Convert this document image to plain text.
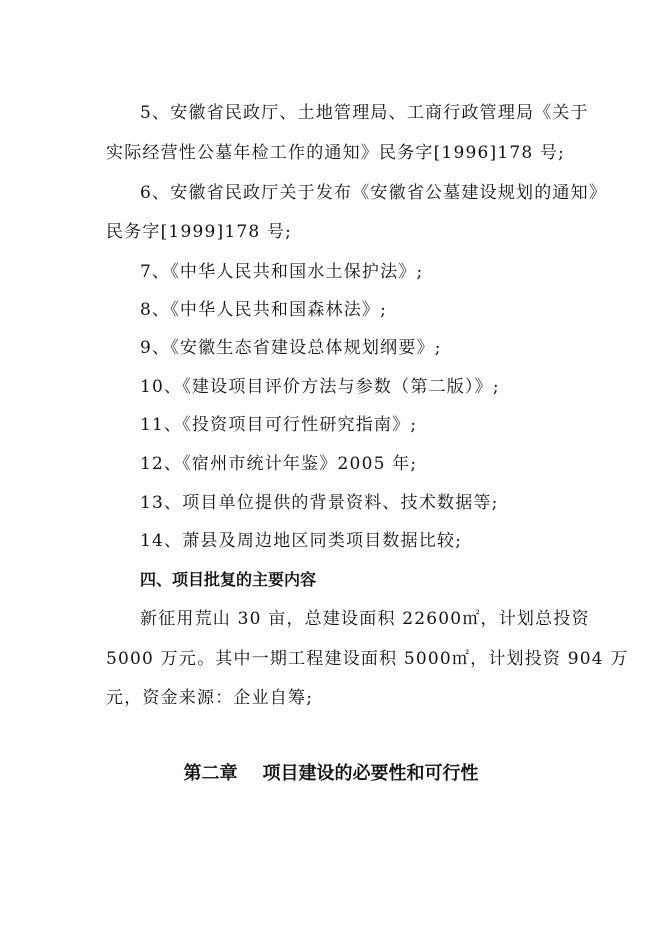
5、安徽省民政厅、土地管理局、工商行政管理局《关于
实际经营性公墓年检工作的通知》民务字[1996]178 号;
6、安徽省民政厅关于发布《安徽省公墓建设规划的通知》
民务字[1999]178 号;
7、《中华人民共和国水土保护法》;
8、《中华人民共和国森林法》;
9、《安徽生态省建设总体规划纲要》;
10、《建设项目评价方法与参数（第二版）》;
11、《投资项目可行性研究指南》;
12、《宿州市统计年鉴》2005 年;
13、项目单位提供的背景资料、技术数据等;
14、萧县及周边地区同类项目数据比较;
四、项目批复的主要内容
新征用荒山 30 亩，总建设面积 22600㎡，计划总投资
5000 万元。其中一期工程建设面积 5000㎡，计划投资 904 万
元，资金来源：企业自筹;
第二章    项目建设的必要性和可行性
